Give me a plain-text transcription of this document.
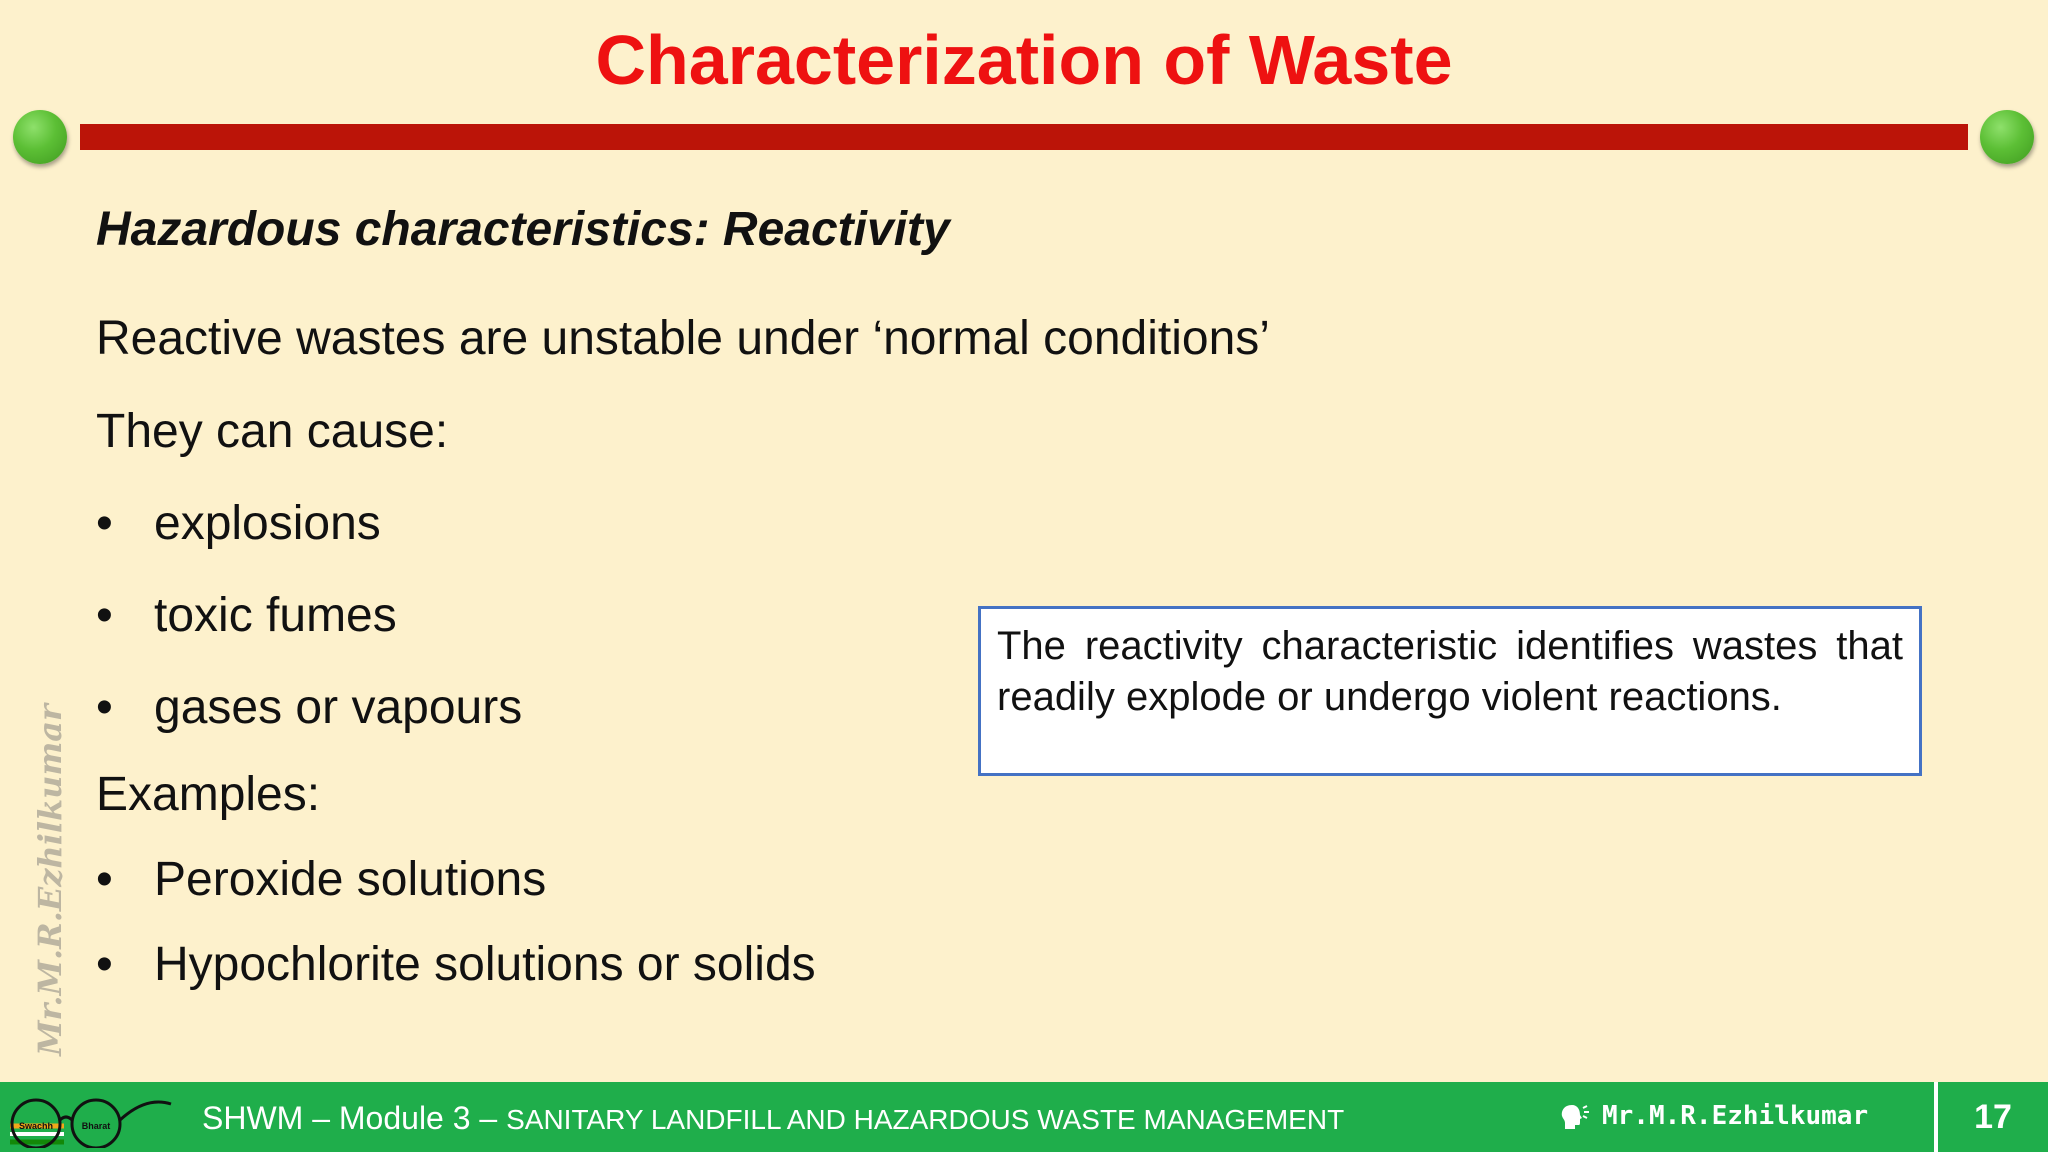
Characterization of Waste
Hazardous characteristics: Reactivity
Reactive wastes are unstable under ‘normal conditions’
They can cause:
• explosions
• toxic fumes
• gases or vapours
Examples:
• Peroxide solutions
• Hypochlorite solutions or solids
The reactivity characteristic identifies wastes that readily explode or undergo violent reactions.
Mr.M.R.Ezhilkumar
Swachh	Bharat	SHWM – Module 3 – SANITARY LANDFILL AND HAZARDOUS WASTE MANAGEMENT	Mr.M.R.Ezhilkumar	17
